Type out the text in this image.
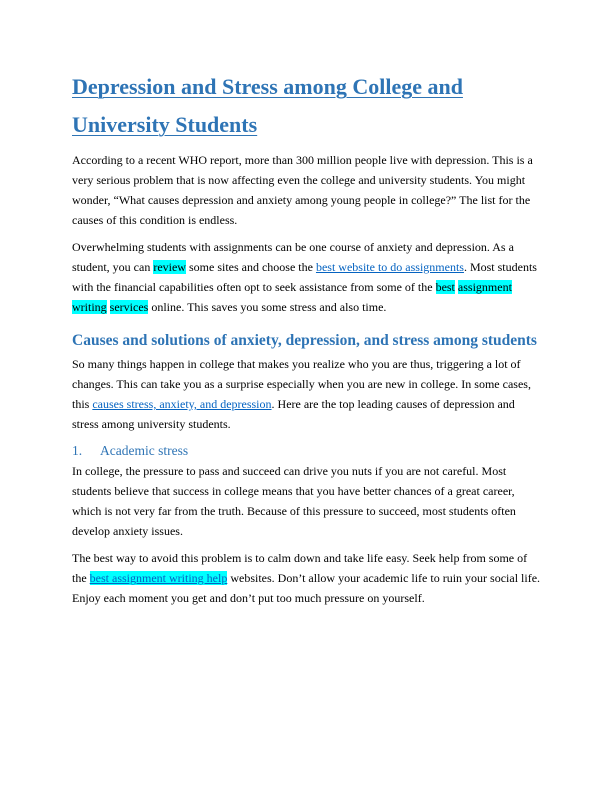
Depression and Stress among College and University Students

According to a recent WHO report, more than 300 million people live with depression. This is a very serious problem that is now affecting even the college and university students. You might wonder, “What causes depression and anxiety among young people in college?” The list for the causes of this condition is endless.

Overwhelming students with assignments can be one course of anxiety and depression. As a student, you can review some sites and choose the best website to do assignments. Most students with the financial capabilities often opt to seek assistance from some of the best assignment writing services online. This saves you some stress and also time.

Causes and solutions of anxiety, depression, and stress among students

So many things happen in college that makes you realize who you are thus, triggering a lot of changes. This can take you as a surprise especially when you are new in college. In some cases, this causes stress, anxiety, and depression. Here are the top leading causes of depression and stress among university students.

1. Academic stress

In college, the pressure to pass and succeed can drive you nuts if you are not careful. Most students believe that success in college means that you have better chances of a great career, which is not very far from the truth. Because of this pressure to succeed, most students often develop anxiety issues.

The best way to avoid this problem is to calm down and take life easy. Seek help from some of the best assignment writing help websites. Don’t allow your academic life to ruin your social life. Enjoy each moment you get and don’t put too much pressure on yourself.
